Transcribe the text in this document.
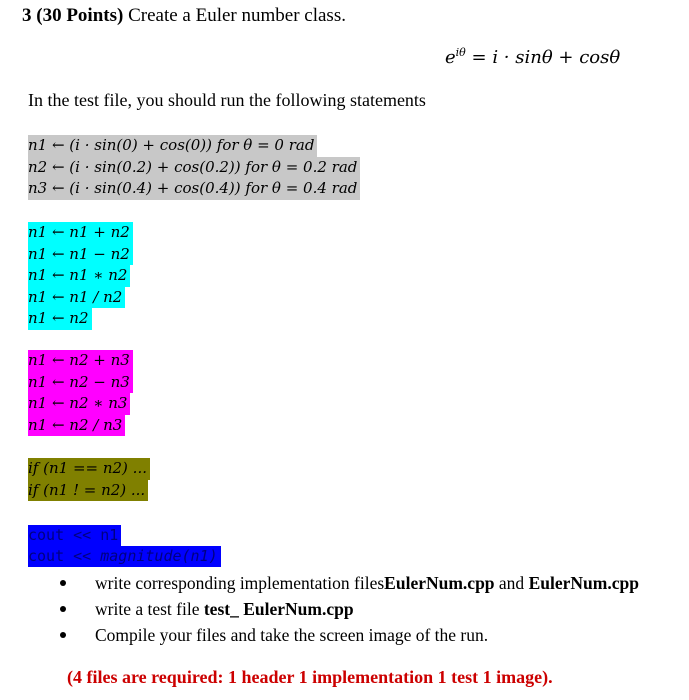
3 (30 Points) Create a Euler number class.
$e^{i\theta} = i \cdot \sin\theta + \cos\theta$
In the test file, you should run the following statements
n1 ← (i · sin(0) + cos(0)) for θ = 0 rad
n2 ← (i · sin(0.2) + cos(0.2)) for θ = 0.2 rad
n3 ← (i · sin(0.4) + cos(0.4)) for θ = 0.4 rad
n1 ← n1 + n2
n1 ← n1 − n2
n1 ← n1 ∗ n2
n1 ← n1 / n2
n1 ← n2
n1 ← n2 + n3
n1 ← n2 − n3
n1 ← n2 ∗ n3
n1 ← n2 / n3
if (n1 == n2) ...
if (n1 ! = n2) ...
cout << n1
cout << magnitude(n1)
write corresponding implementation files EulerNum.cpp and EulerNum.cpp
write a test file test_ EulerNum.cpp
Compile your files and take the screen image of the run.
(4 files are required: 1 header 1 implementation 1 test 1 image).
